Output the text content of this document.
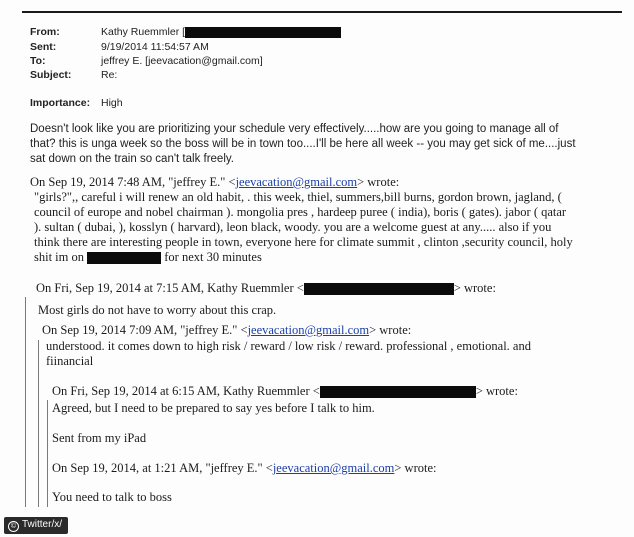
From:	Kathy Ruemmler [
Sent:	9/19/2014 11:54:57 AM
To:	jeffrey E. [jeevacation@gmail.com]
Subject:	Re:
Importance: High
Doesn't look like you are prioritizing your schedule very effectively.....how are you going to manage all of
that? this is unga week so the boss will be in town too....I'll be here all week -- you may get sick of me....just
sat down on the train so can't talk freely.
On Sep 19, 2014 7:48 AM, "jeffrey E." <jeevacation@gmail.com> wrote:
"girls?",, careful i will renew an old habit, . this week, thiel, summers,bill burns, gordon brown, jagland, (
council of europe and nobel chairman ). mongolia pres , hardeep puree ( india), boris ( gates). jabor ( qatar
). sultan ( dubai, ), kosslyn ( harvard), leon black, woody. you are a welcome guest at any..... also if you
think there are interesting people in town, everyone here for climate summit , clinton ,security council, holy
shit im on	for next 30 minutes
On Fri, Sep 19, 2014 at 7:15 AM, Kathy Ruemmler <	> wrote:
Most girls do not have to worry about this crap.
On Sep 19, 2014 7:09 AM, "jeffrey E." <jeevacation@gmail.com> wrote:
understood. it comes down to high risk / reward / low risk / reward. professional , emotional. and
fiinancial
On Fri, Sep 19, 2014 at 6:15 AM, Kathy Ruemmler <	> wrote:
Agreed, but I need to be prepared to say yes before I talk to him.
Sent from my iPad
On Sep 19, 2014, at 1:21 AM, "jeffrey E." <jeevacation@gmail.com> wrote:
You need to talk to boss
© Twitter/x/
